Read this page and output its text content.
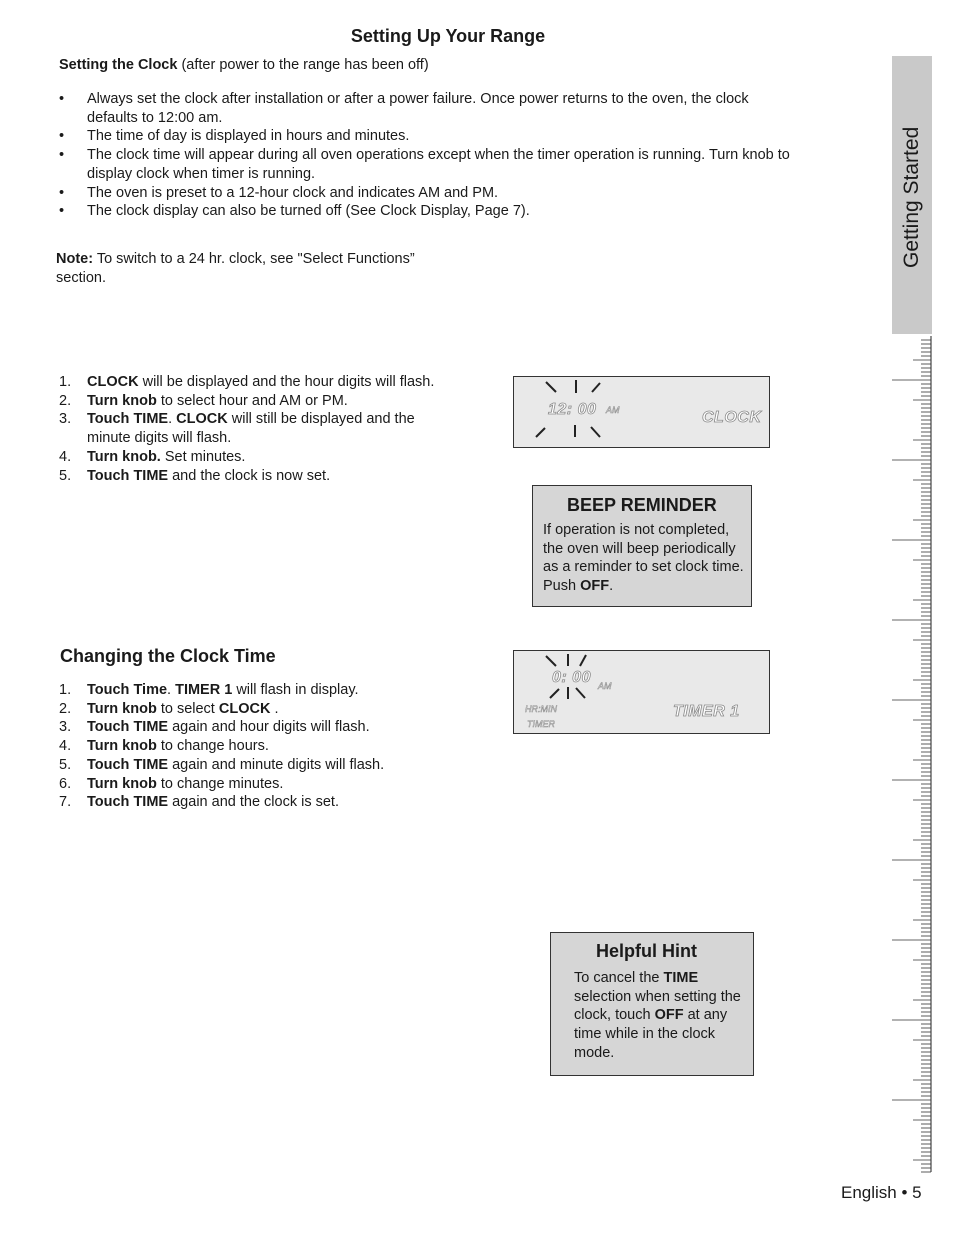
Setting Up Your Range
Setting the Clock (after power to the range has been off)
• Always set the clock after installation or after a power failure. Once power returns to the oven, the clock defaults to 12:00 am.
• The time of day is displayed in hours and minutes.
• The clock time will appear during all oven operations except when the timer operation is running. Turn knob to display clock when timer is running.
• The oven is preset to a 12-hour clock and indicates AM and PM.
• The clock display can also be turned off (See Clock Display, Page 7).
Note: To switch to a 24 hr. clock, see "Select Functions” section.
1. CLOCK will be displayed and the hour digits will flash.
2. Turn knob to select hour and AM or PM.
3. Touch TIME. CLOCK will still be displayed and the minute digits will flash.
4. Turn knob. Set minutes.
5. Touch TIME and the clock is now set.
12: 00 AM	CLOCK
BEEP REMINDER
If operation is not completed, the oven will beep periodically as a reminder to set clock time. Push OFF.
Changing the Clock Time
1. Touch Time. TIMER 1 will flash in display.
2. Turn knob to select CLOCK .
3. Touch TIME again and hour digits will flash.
4. Turn knob to change hours.
5. Touch TIME again and minute digits will flash.
6. Turn knob to change minutes.
7. Touch TIME again and the clock is set.
0: 00 AM
HR:MIN
TIMER
TIMER 1
Helpful Hint
To cancel the TIME selection when setting the clock, touch OFF at any time while in the clock mode.
Getting Started
English • 5
